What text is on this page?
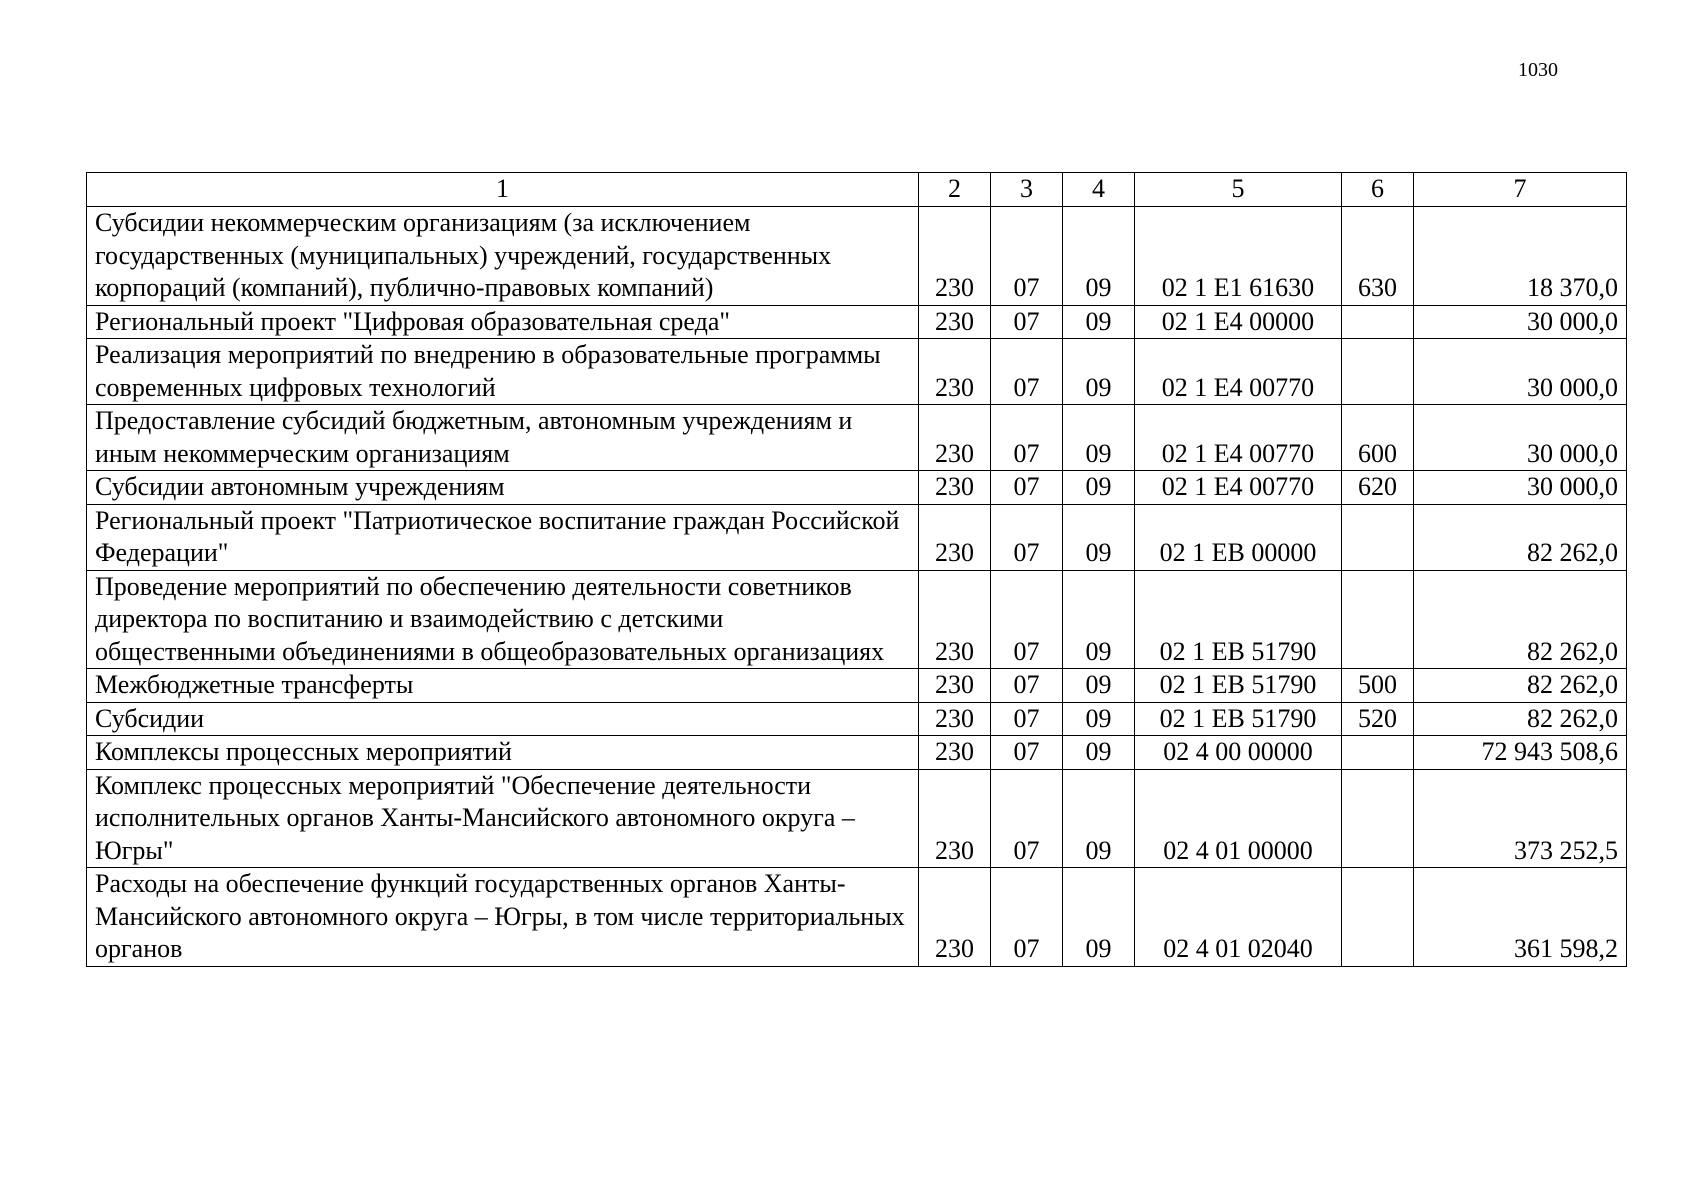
1030
1	2	3	4	5	6	7
Субсидии некоммерческим организациям (за исключением государственных (муниципальных) учреждений, государственных корпораций (компаний), публично-правовых компаний)	230	07	09	02 1 E1 61630	630	18 370,0
Региональный проект "Цифровая образовательная среда"	230	07	09	02 1 E4 00000		30 000,0
Реализация мероприятий по внедрению в образовательные программы современных цифровых технологий	230	07	09	02 1 E4 00770		30 000,0
Предоставление субсидий бюджетным, автономным учреждениям и иным некоммерческим организациям	230	07	09	02 1 E4 00770	600	30 000,0
Субсидии автономным учреждениям	230	07	09	02 1 E4 00770	620	30 000,0
Региональный проект "Патриотическое воспитание граждан Российской Федерации"	230	07	09	02 1 EB 00000		82 262,0
Проведение мероприятий по обеспечению деятельности советников директора по воспитанию и взаимодействию с детскими общественными объединениями в общеобразовательных организациях	230	07	09	02 1 EB 51790		82 262,0
Межбюджетные трансферты	230	07	09	02 1 EB 51790	500	82 262,0
Субсидии	230	07	09	02 1 EB 51790	520	82 262,0
Комплексы процессных мероприятий	230	07	09	02 4 00 00000		72 943 508,6
Комплекс процессных мероприятий "Обеспечение деятельности исполнительных органов Ханты-Мансийского автономного округа – Югры"	230	07	09	02 4 01 00000		373 252,5
Расходы на обеспечение функций государственных органов Ханты-Мансийского автономного округа – Югры, в том числе территориальных органов	230	07	09	02 4 01 02040		361 598,2
